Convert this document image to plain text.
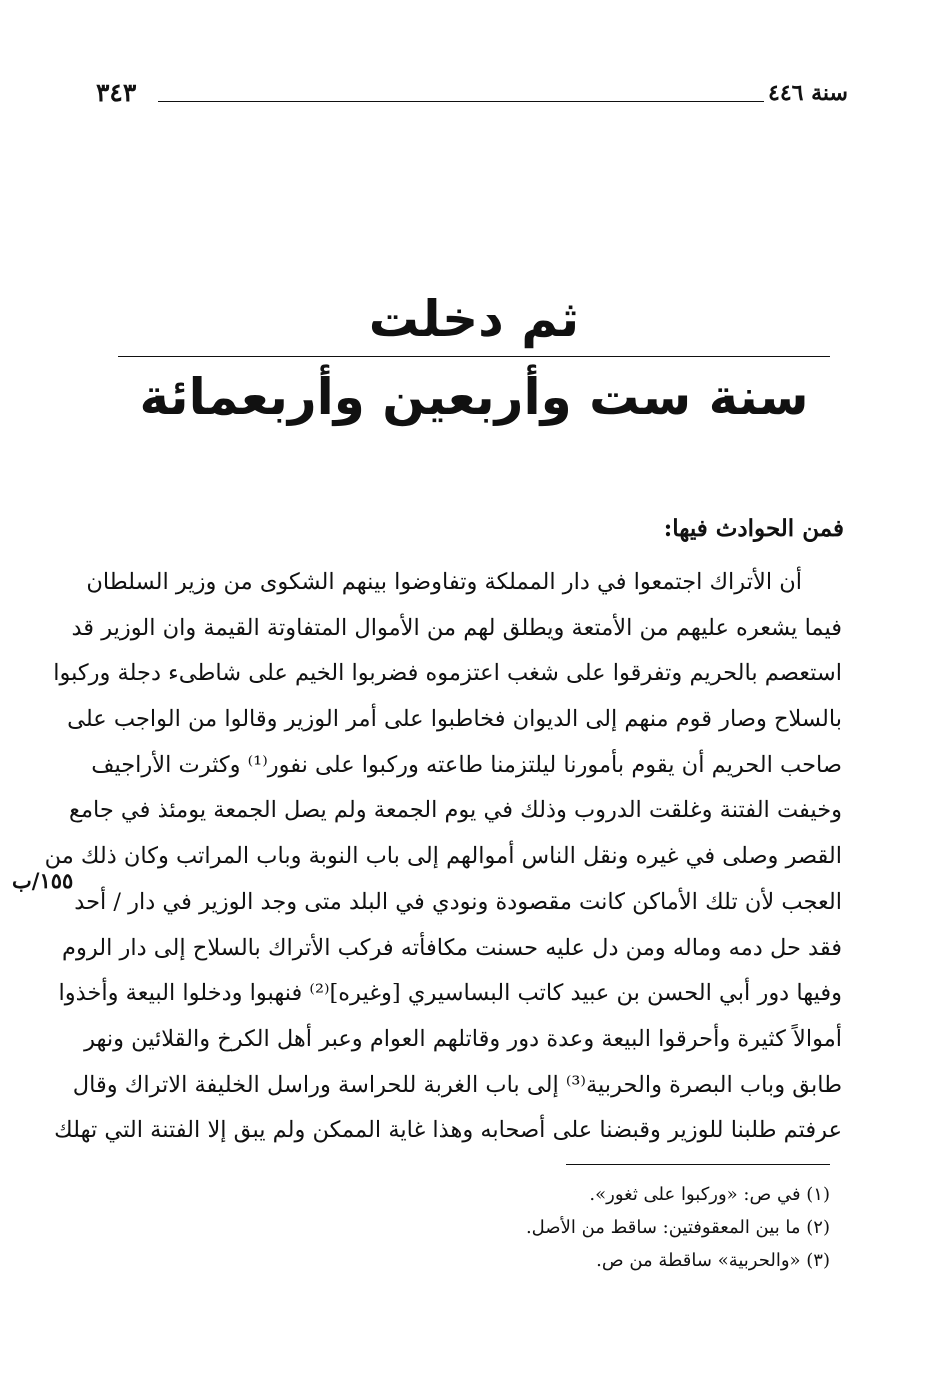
٣٤٣	سنة ٤٤٦
ثم دخلت
سنة ست وأربعين وأربعمائة
فمن الحوادث فيها:
أن الأتراك اجتمعوا في دار المملكة وتفاوضوا بينهم الشكوى من وزير السلطان
فيما يشعره عليهم من الأمتعة ويطلق لهم من الأموال المتفاوتة القيمة وان الوزير قد
استعصم بالحريم وتفرقوا على شغب اعتزموه فضربوا الخيم على شاطىء دجلة وركبوا
بالسلاح وصار قوم منهم إلى الديوان فخاطبوا على أمر الوزير وقالوا من الواجب على
صاحب الحريم أن يقوم بأمورنا ليلتزمنا طاعته وركبوا على نفور⁽¹⁾ وكثرت الأراجيف
وخيفت الفتنة وغلقت الدروب وذلك في يوم الجمعة ولم يصل الجمعة يومئذ في جامع
القصر وصلى في غيره ونقل الناس أموالهم إلى باب النوبة وباب المراتب وكان ذلك من
العجب لأن تلك الأماكن كانت مقصودة ونودي في البلد متى وجد الوزير في دار / أحد
فقد حل دمه وماله ومن دل عليه حسنت مكافأته فركب الأتراك بالسلاح إلى دار الروم
وفيها دور أبي الحسن بن عبيد كاتب البساسيري [وغيره]⁽²⁾ فنهبوا ودخلوا البيعة وأخذوا
أموالاً كثيرة وأحرقوا البيعة وعدة دور وقاتلهم العوام وعبر أهل الكرخ والقلائين ونهر
طابق وباب البصرة والحربية⁽³⁾ إلى باب الغربة للحراسة وراسل الخليفة الاتراك وقال
عرفتم طلبنا للوزير وقبضنا على أصحابه وهذا غاية الممكن ولم يبق إلا الفتنة التي تهلك
١٥٥/ب
(١) في ص: «وركبوا على ثغور».
(٢) ما بين المعقوفتين: ساقط من الأصل.
(٣) «والحربية» ساقطة من ص.
